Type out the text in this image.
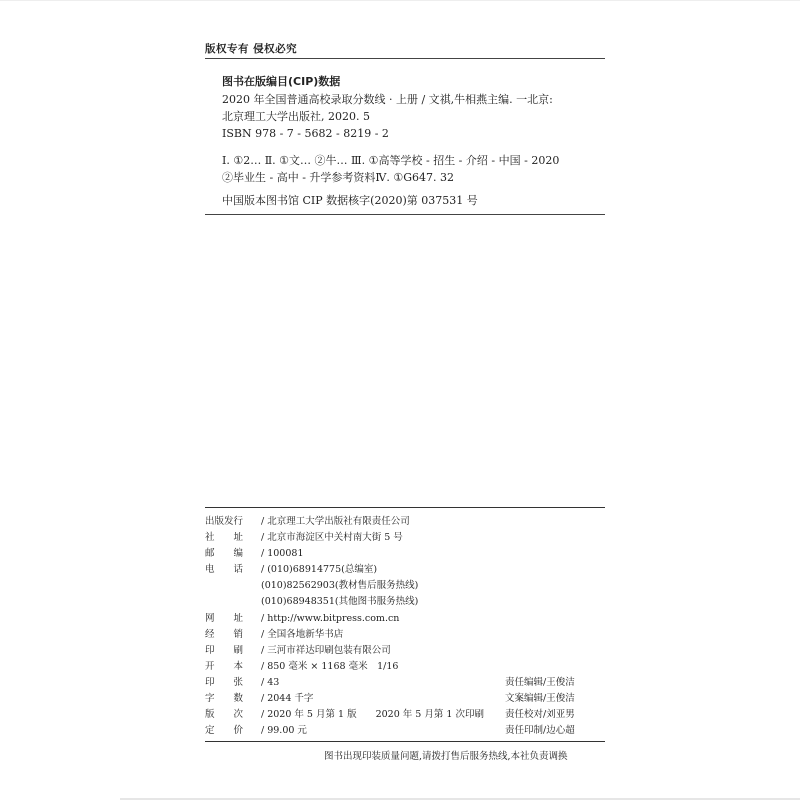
版权专有 侵权必究
图书在版编目(CIP)数据
2020 年全国普通高校录取分数线 · 上册 / 文祺,牛相燕主编. 一北京:
北京理工大学出版社, 2020. 5
ISBN 978 - 7 - 5682 - 8219 - 2
Ⅰ. ①2… Ⅱ. ①文… ②牛… Ⅲ. ①高等学校 - 招生 - 介绍 - 中国 - 2020
②毕业生 - 高中 - 升学参考资料Ⅳ. ①G647. 32
中国版本图书馆 CIP 数据核字(2020)第 037531 号
出版发行 / 北京理工大学出版社有限责任公司
社　　址 / 北京市海淀区中关村南大街 5 号
邮　　编 / 100081
电　　话 / (010)68914775(总编室)
(010)82562903(教材售后服务热线)
(010)68948351(其他图书服务热线)
网　　址 / http://www.bitpress.com.cn
经　　销 / 全国各地新华书店
印　　刷 / 三河市祥达印刷包装有限公司
开　　本 / 850 毫米 × 1168 毫米　1/16
印　　张 / 43
字　　数 / 2044 千字
版　　次 / 2020 年 5 月第 1 版　　2020 年 5 月第 1 次印刷
定　　价 / 99.00 元
责任编辑/王俊洁
文案编辑/王俊洁
责任校对/刘亚男
责任印制/边心超
图书出现印装质量问题,请拨打售后服务热线,本社负责调换
